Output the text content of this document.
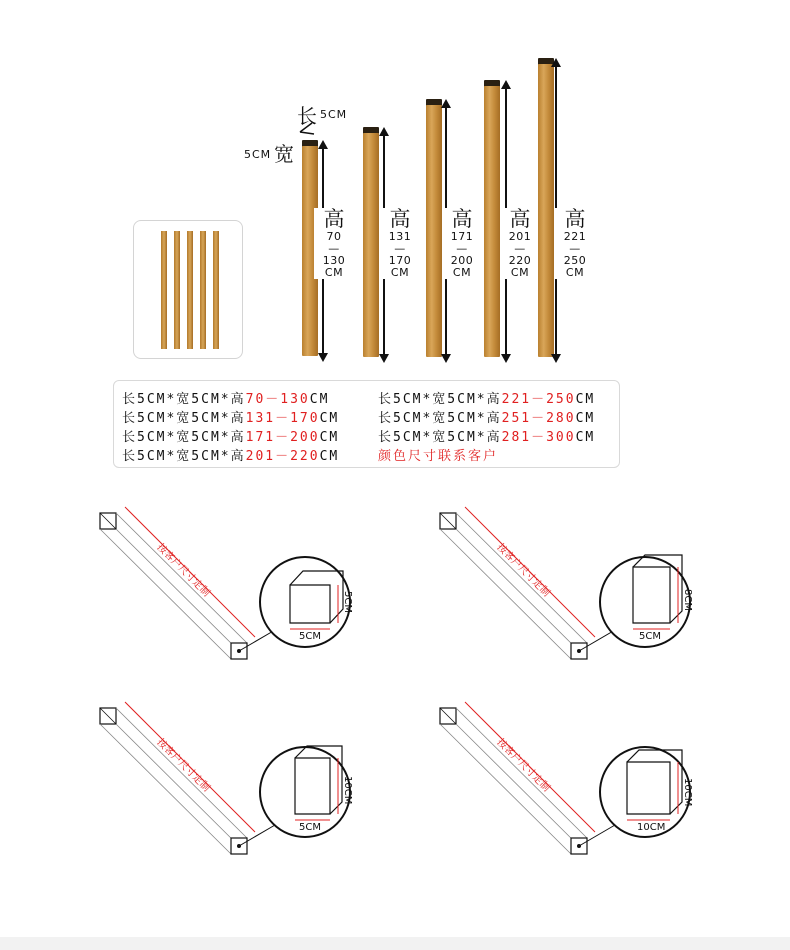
长 5CM
5CM 宽
高
70
—
130
CM
高
131
—
170
CM
高
171
—
200
CM
高
201
—
220
CM
高
221
—
250
CM
长5CM*宽5CM*高70－130CM
长5CM*宽5CM*高131－170CM
长5CM*宽5CM*高171－200CM
长5CM*宽5CM*高201－220CM
长5CM*宽5CM*高221－250CM
长5CM*宽5CM*高251－280CM
长5CM*宽5CM*高281－300CM
颜色尺寸联系客户
按客户尺寸定制
5CM
5CM
按客户尺寸定制
8CM
5CM
按客户尺寸定制	10CM
5CM
按客户尺寸定制	10CM
10CM
